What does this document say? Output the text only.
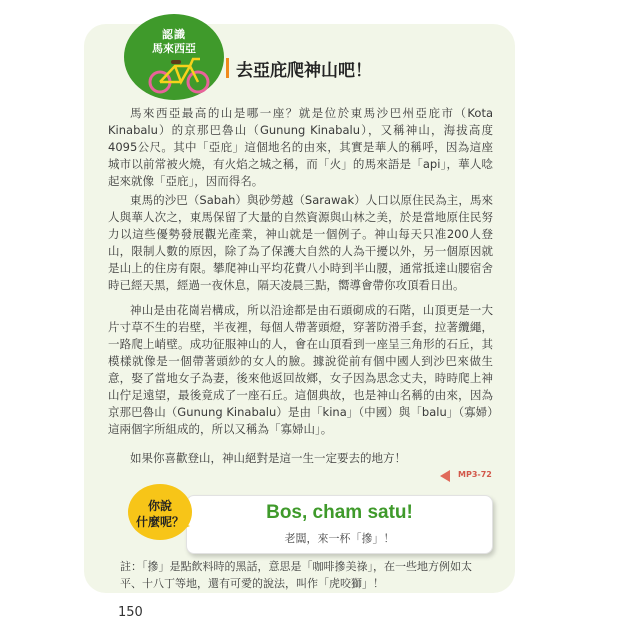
認識
馬來西亞
去亞庇爬神山吧！

馬來西亞最高的山是哪一座？就是位於東馬沙巴州亞庇市（Kota Kinabalu）的京那巴魯山（Gunung Kinabalu），又稱神山，海拔高度4095公尺。其中「亞庇」這個地名的由來，其實是華人的稱呼，因為這座城市以前常被火燒，有火焰之城之稱，而「火」的馬來語是「api」，華人唸起來就像「亞庇」，因而得名。

東馬的沙巴（Sabah）與砂勞越（Sarawak）人口以原住民為主，馬來人與華人次之，東馬保留了大量的自然資源與山林之美，於是當地原住民努力以這些優勢發展觀光產業，神山就是一個例子。神山每天只准200人登山，限制人數的原因，除了為了保護大自然的人為干擾以外，另一個原因就是山上的住房有限。攀爬神山平均花費八小時到半山腰，通常抵達山腰宿舍時已經天黑，經過一夜休息，隔天凌晨三點，嚮導會帶你攻頂看日出。

神山是由花崗岩構成，所以沿途都是由石頭砌成的石階，山頂更是一大片寸草不生的岩壁，半夜裡，每個人帶著頭燈，穿著防滑手套，拉著纜繩，一路爬上峭壁。成功征服神山的人，會在山頂看到一座呈三角形的石丘，其模樣就像是一個帶著頭紗的女人的臉。據說從前有個中國人到沙巴來做生意，娶了當地女子為妻，後來他返回故鄉，女子因為思念丈夫，時時爬上神山佇足遠望，最後竟成了一座石丘。這個典故，也是神山名稱的由來，因為京那巴魯山（Gunung Kinabalu）是由「kina」（中國）與「balu」（寡婦）這兩個字所組成的，所以又稱為「寡婦山」。

如果你喜歡登山，神山絕對是這一生一定要去的地方！

MP3-72
Bos, cham satu!
老闆，來一杯「摻」！
你說
什麼呢？

註：「摻」是點飲料時的黑話，意思是「咖啡摻美祿」，在一些地方例如太平、十八丁等地，還有可愛的說法，叫作「虎咬獅」！

150
